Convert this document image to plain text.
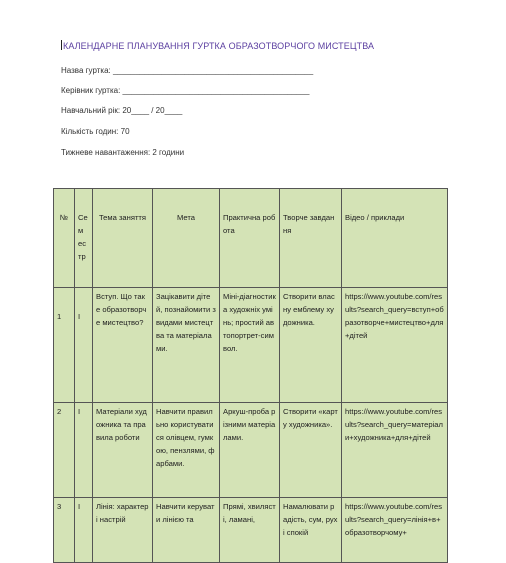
КАЛЕНДАРНЕ ПЛАНУВАННЯ ГУРТКА ОБРАЗОТВОРЧОГО МИСТЕЦТВА
Назва гуртка: _____________________________________________
Керівник гуртка: __________________________________________
Навчальний рік: 20____ / 20____
Кількість годин: 70
Тижневе навантаження: 2 години
№	Се м ес тр	Тема заняття	Мета	Практична робота	Творче завдання	Відео / приклади
1	І	Вступ. Що таке образотворче мистецтво?	Зацікавити дітей, познайомити з видами мистецтва та матеріалами.	Міні-діагностика художніх умінь; простий автопортрет-символ.	Створити власну емблему художника.	https://www.youtube.com/results?search_query=вступ+образотворче+мистецтво+для+дітей
2	І	Матеріали художника та правила роботи	Навчити правильно користуватися олівцем, гумкою, пензлями, фарбами.	Аркуш-проба різними матеріалами.	Створити «карту художника».	https://www.youtube.com/results?search_query=матеріали+художника+для+дітей
3	І	Лінія: характер і настрій	Навчити керувати лінією та	Прямі, хвилясті, ламані,	Намалювати радість, сум, рух і спокій	https://www.youtube.com/results?search_query=лінія+в+образотворчому+
